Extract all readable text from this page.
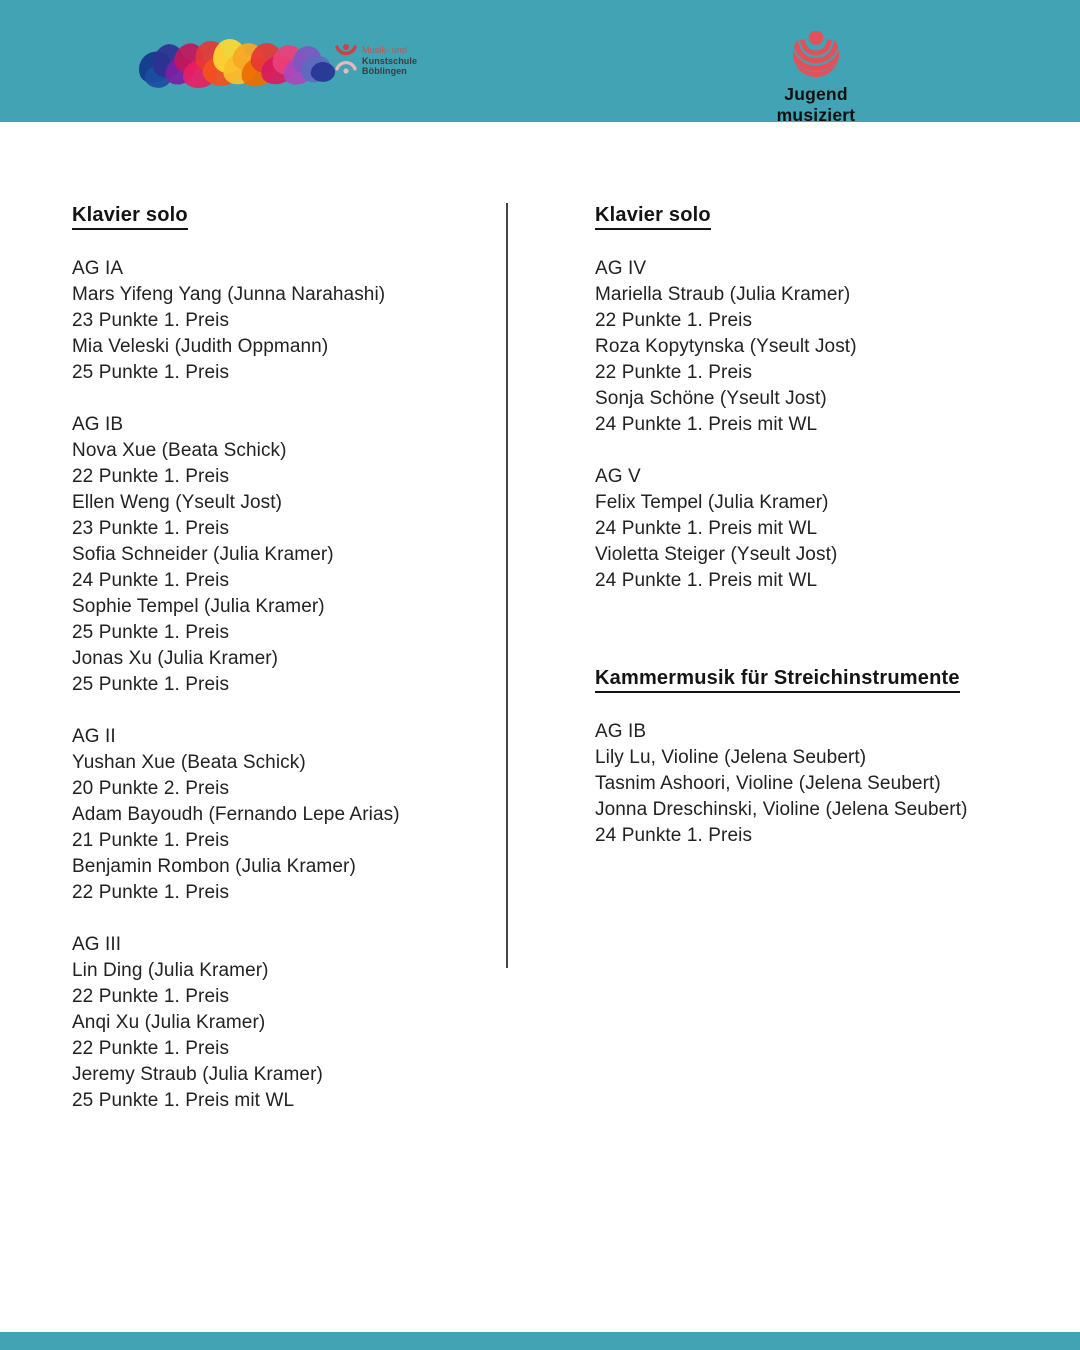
Musik- und
Kunstschule
Böblingen
Jugend musiziert
Klavier solo
AG IA
Mars Yifeng Yang (Junna Narahashi)
23 Punkte 1. Preis
Mia Veleski (Judith Oppmann)
25 Punkte 1. Preis
AG IB
Nova Xue (Beata Schick)
22 Punkte 1. Preis
Ellen Weng (Yseult Jost)
23 Punkte 1. Preis
Sofia Schneider (Julia Kramer)
24 Punkte 1. Preis
Sophie Tempel (Julia Kramer)
25 Punkte 1. Preis
Jonas Xu (Julia Kramer)
25 Punkte 1. Preis
AG II
Yushan Xue (Beata Schick)
20 Punkte 2. Preis
Adam Bayoudh (Fernando Lepe Arias)
21 Punkte 1. Preis
Benjamin Rombon (Julia Kramer)
22 Punkte 1. Preis
AG III
Lin Ding (Julia Kramer)
22 Punkte 1. Preis
Anqi Xu (Julia Kramer)
22 Punkte 1. Preis
Jeremy Straub (Julia Kramer)
25 Punkte 1. Preis mit WL
Klavier solo
AG IV
Mariella Straub (Julia Kramer)
22 Punkte 1. Preis
Roza Kopytynska (Yseult Jost)
22 Punkte 1. Preis
Sonja Schöne (Yseult Jost)
24 Punkte 1. Preis mit WL
AG V
Felix Tempel (Julia Kramer)
24 Punkte 1. Preis mit WL
Violetta Steiger (Yseult Jost)
24 Punkte 1. Preis mit WL
Kammermusik für Streichinstrumente
AG IB
Lily Lu, Violine (Jelena Seubert)
Tasnim Ashoori, Violine (Jelena Seubert)
Jonna Dreschinski, Violine (Jelena Seubert)
24 Punkte 1. Preis
